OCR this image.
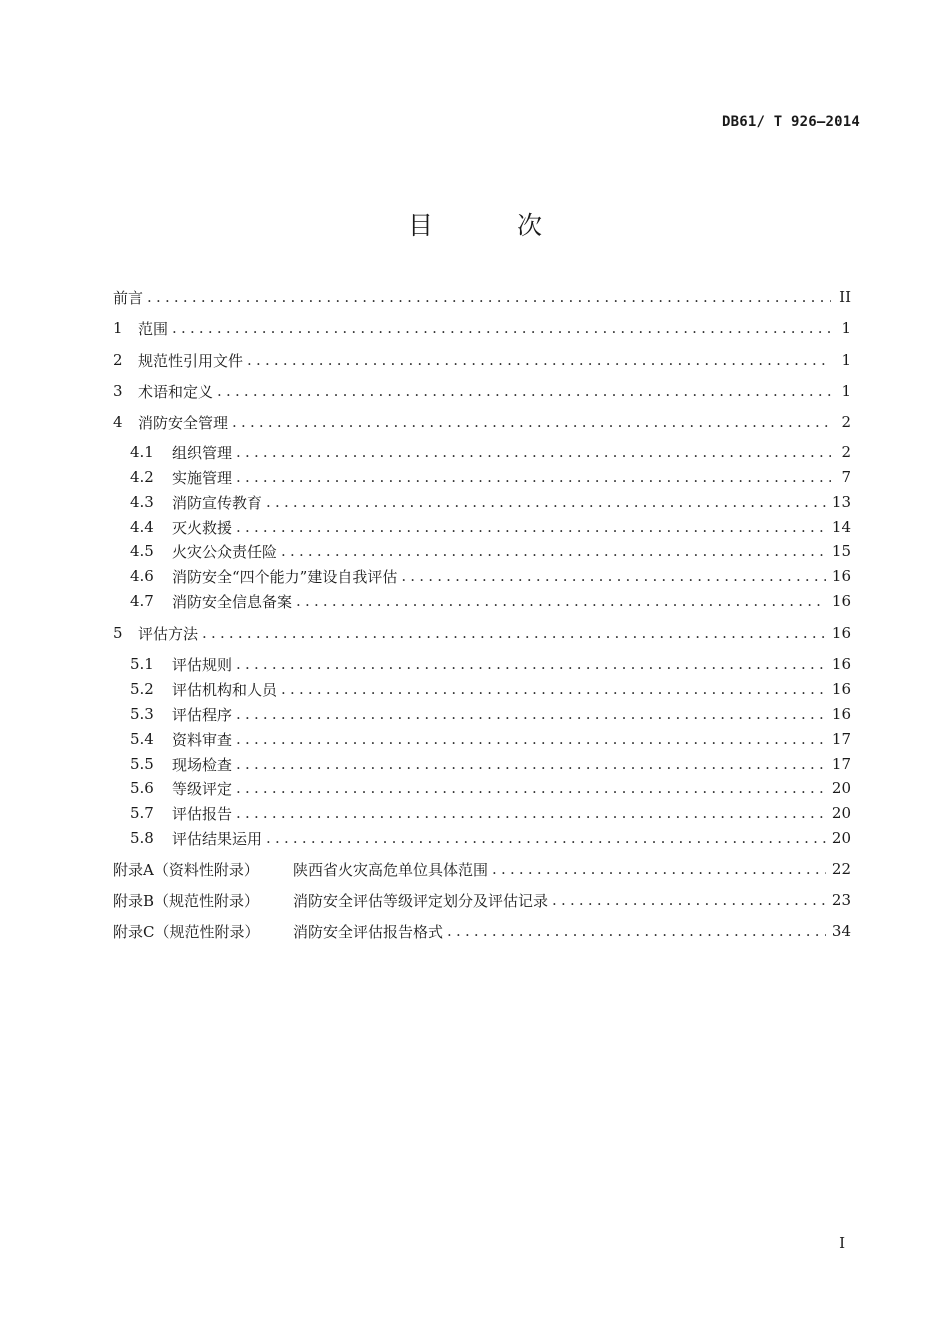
DB61/ T 926—2014
目 次
前言 .....	II
1	范围 .....	1
2	规范性引用文件 .....	1
3	术语和定义 .....	1
4	消防安全管理 .....	2
4.1	组织管理 .....	2
4.2	实施管理 .....	7
4.3	消防宣传教育 .....	13
4.4	灭火救援 .....	14
4.5	火灾公众责任险 .....	15
4.6	消防安全“四个能力”建设自我评估 .....	16
4.7	消防安全信息备案 .....	16
5	评估方法 .....	16
5.1	评估规则 .....	16
5.2	评估机构和人员 .....	16
5.3	评估程序 .....	16
5.4	资料审查 .....	17
5.5	现场检查 .....	17
5.6	等级评定 .....	20
5.7	评估报告 .....	20
5.8	评估结果运用 .....	20
附录A（资料性附录）	陕西省火灾高危单位具体范围 .....	22
附录B（规范性附录）	消防安全评估等级评定划分及评估记录 .....	23
附录C（规范性附录）	消防安全评估报告格式 .....	34
I
